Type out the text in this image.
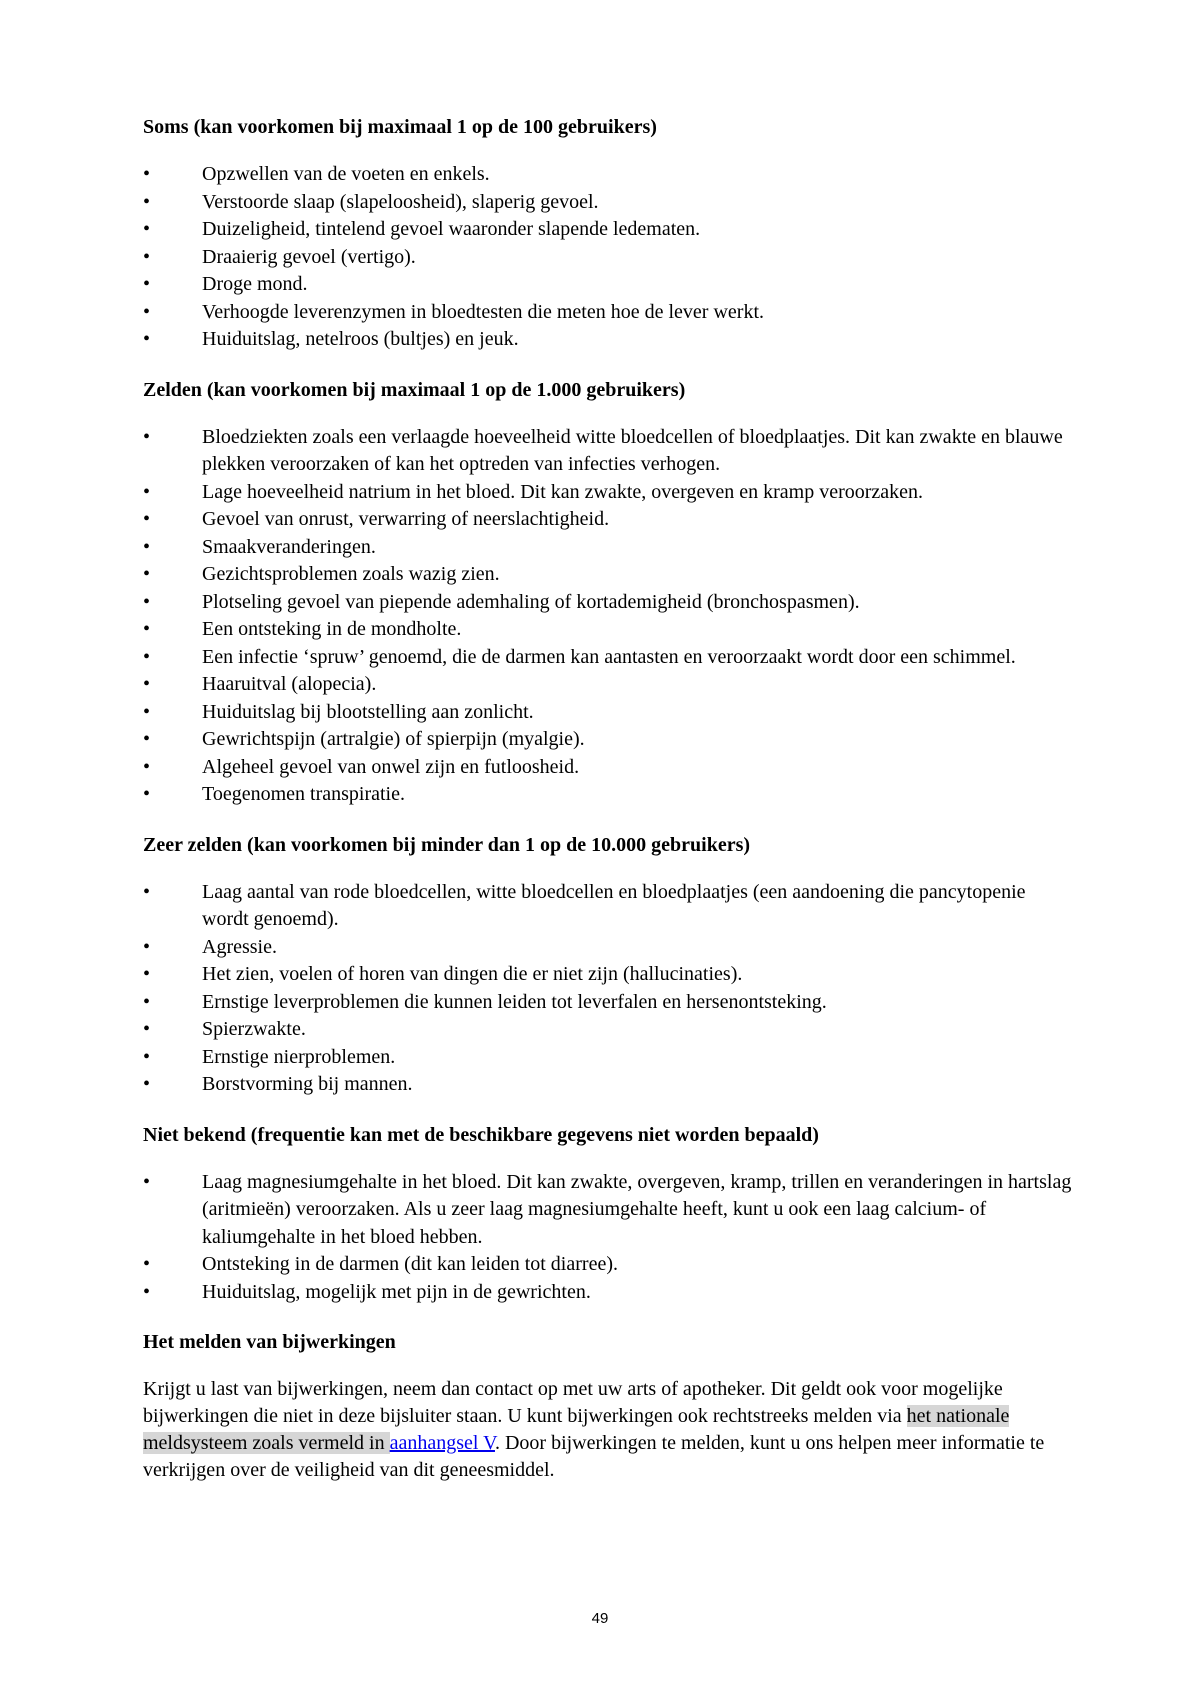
Soms (kan voorkomen bij maximaal 1 op de 100 gebruikers)
•	Opzwellen van de voeten en enkels.
•	Verstoorde slaap (slapeloosheid), slaperig gevoel.
•	Duizeligheid, tintelend gevoel waaronder slapende ledematen.
•	Draaierig gevoel (vertigo).
•	Droge mond.
•	Verhoogde leverenzymen in bloedtesten die meten hoe de lever werkt.
•	Huiduitslag, netelroos (bultjes) en jeuk.
Zelden (kan voorkomen bij maximaal 1 op de 1.000 gebruikers)
•	Bloedziekten zoals een verlaagde hoeveelheid witte bloedcellen of bloedplaatjes. Dit kan zwakte en blauwe plekken veroorzaken of kan het optreden van infecties verhogen.
•	Lage hoeveelheid natrium in het bloed. Dit kan zwakte, overgeven en kramp veroorzaken.
•	Gevoel van onrust, verwarring of neerslachtigheid.
•	Smaakveranderingen.
•	Gezichtsproblemen zoals wazig zien.
•	Plotseling gevoel van piepende ademhaling of kortademigheid (bronchospasmen).
•	Een ontsteking in de mondholte.
•	Een infectie ‘spruw’ genoemd, die de darmen kan aantasten en veroorzaakt wordt door een schimmel.
•	Haaruitval (alopecia).
•	Huiduitslag bij blootstelling aan zonlicht.
•	Gewrichtspijn (artralgie) of spierpijn (myalgie).
•	Algeheel gevoel van onwel zijn en futloosheid.
•	Toegenomen transpiratie.
Zeer zelden (kan voorkomen bij minder dan 1 op de 10.000 gebruikers)
•	Laag aantal van rode bloedcellen, witte bloedcellen en bloedplaatjes (een aandoening die pancytopenie wordt genoemd).
•	Agressie.
•	Het zien, voelen of horen van dingen die er niet zijn (hallucinaties).
•	Ernstige leverproblemen die kunnen leiden tot leverfalen en hersenontsteking.
•	Spierzwakte.
•	Ernstige nierproblemen.
•	Borstvorming bij mannen.
Niet bekend (frequentie kan met de beschikbare gegevens niet worden bepaald)
•	Laag magnesiumgehalte in het bloed. Dit kan zwakte, overgeven, kramp, trillen en veranderingen in hartslag (aritmieën) veroorzaken. Als u zeer laag magnesiumgehalte heeft, kunt u ook een laag calcium- of kaliumgehalte in het bloed hebben.
•	Ontsteking in de darmen (dit kan leiden tot diarree).
•	Huiduitslag, mogelijk met pijn in de gewrichten.
Het melden van bijwerkingen

Krijgt u last van bijwerkingen, neem dan contact op met uw arts of apotheker. Dit geldt ook voor mogelijke bijwerkingen die niet in deze bijsluiter staan. U kunt bijwerkingen ook rechtstreeks melden via het nationale meldsysteem zoals vermeld in aanhangsel V. Door bijwerkingen te melden, kunt u ons helpen meer informatie te verkrijgen over de veiligheid van dit geneesmiddel.

49
